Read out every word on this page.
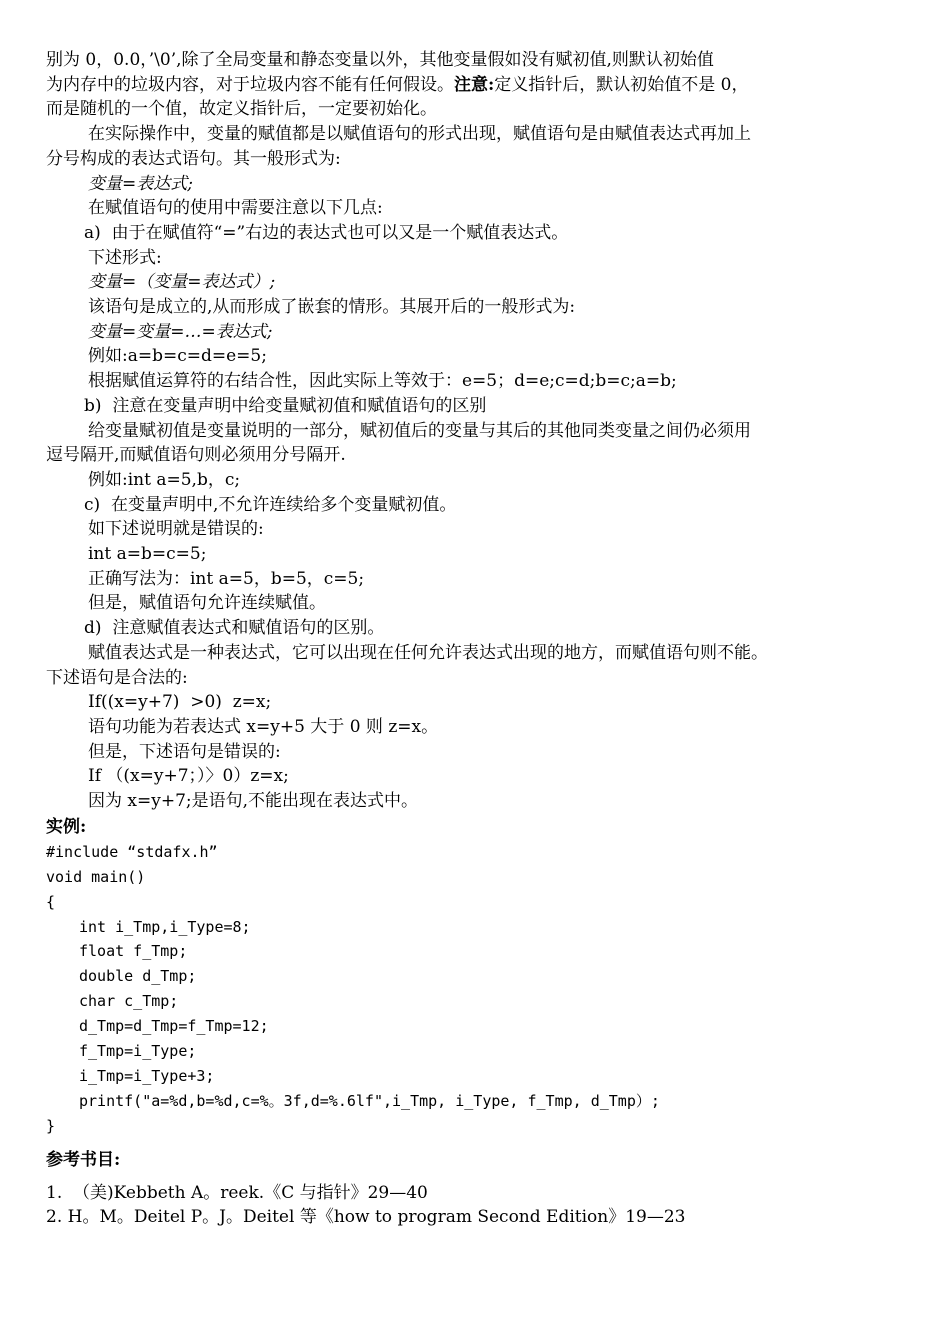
别为 0，0.0，’\0’,除了全局变量和静态变量以外，其他变量假如没有赋初值,则默认初始值
为内存中的垃圾内容，对于垃圾内容不能有任何假设。注意:定义指针后，默认初始值不是 0，
而是随机的一个值，故定义指针后，一定要初始化。
在实际操作中，变量的赋值都是以赋值语句的形式出现，赋值语句是由赋值表达式再加上
分号构成的表达式语句。其一般形式为:
变量=表达式;
在赋值语句的使用中需要注意以下几点:
a)  由于在赋值符“=”右边的表达式也可以又是一个赋值表达式。
下述形式:
变量=（变量=表达式）;
该语句是成立的,从而形成了嵌套的情形。其展开后的一般形式为:
变量=变量=…=表达式;
例如:a=b=c=d=e=5;
根据赋值运算符的右结合性，因此实际上等效于：e=5；d=e;c=d;b=c;a=b;
b)  注意在变量声明中给变量赋初值和赋值语句的区别
给变量赋初值是变量说明的一部分，赋初值后的变量与其后的其他同类变量之间仍必须用
逗号隔开,而赋值语句则必须用分号隔开.
例如:int a=5,b，c;
c)  在变量声明中,不允许连续给多个变量赋初值。
如下述说明就是错误的:
int a=b=c=5;
正确写法为：int a=5，b=5，c=5;
但是，赋值语句允许连续赋值。
d)  注意赋值表达式和赋值语句的区别。
赋值表达式是一种表达式，它可以出现在任何允许表达式出现的地方，而赋值语句则不能。
下述语句是合法的:
If((x=y+7)  >0)  z=x;
语句功能为若表达式 x=y+5 大于 0 则 z=x。
但是，下述语句是错误的:
If （(x=y+7；）〉0）z=x;
因为 x=y+7;是语句,不能出现在表达式中。
实例:
#include “stdafx.h”
void main()
{
int i_Tmp,i_Type=8;
float f_Tmp;
double d_Tmp;
char c_Tmp;
d_Tmp=d_Tmp=f_Tmp=12;
f_Tmp=i_Type;
i_Tmp=i_Type+3;
printf("a=%d,b=%d,c=%。3f,d=%.6lf",i_Tmp, i_Type, f_Tmp, d_Tmp）;
}
参考书目:
1.  （美)Kebbeth A。reek.《C 与指针》29—40
2. H。M。Deitel P。J。Deitel 等《how to program Second Edition》19—23
